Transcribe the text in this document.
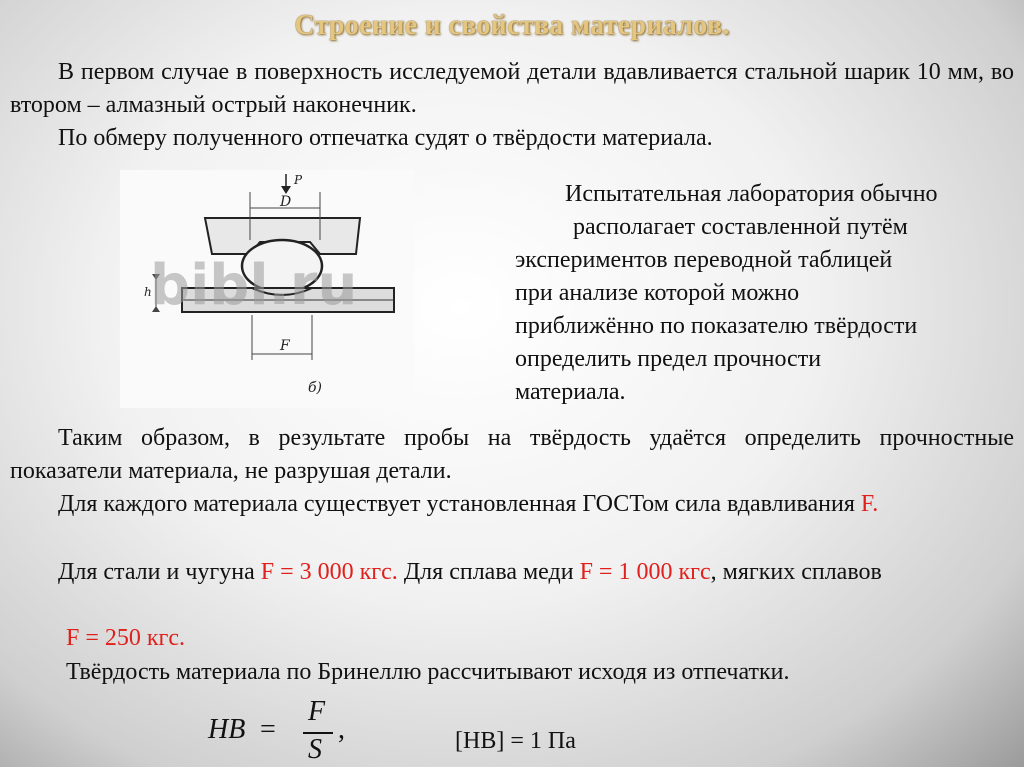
Строение и свойства материалов.
В первом случае в поверхность исследуемой детали вдавливается стальной шарик 10 мм, во втором – алмазный острый наконечник.
По обмеру полученного отпечатка судят о твёрдости материала.
P
D
F
h
bibl.ru
б)
Испытательная лаборатория обычно
располагает составленной путём
экспериментов переводной таблицей
при анализе которой можно
приближённо по показателю твёрдости
определить предел прочности
материала.
Таким образом, в результате пробы на твёрдость удаётся определить прочностные показатели материала, не разрушая детали.
Для каждого материала существует установленная ГОСТом сила вдавливания F.
Для стали и чугуна F = 3 000 кгс. Для сплава меди F = 1 000 кгс, мягких сплавов
F = 250 кгс.
Твёрдость материала по Бринеллю рассчитывают исходя из отпечатки.
HB =
F
S
,	[HB] = 1 Па
